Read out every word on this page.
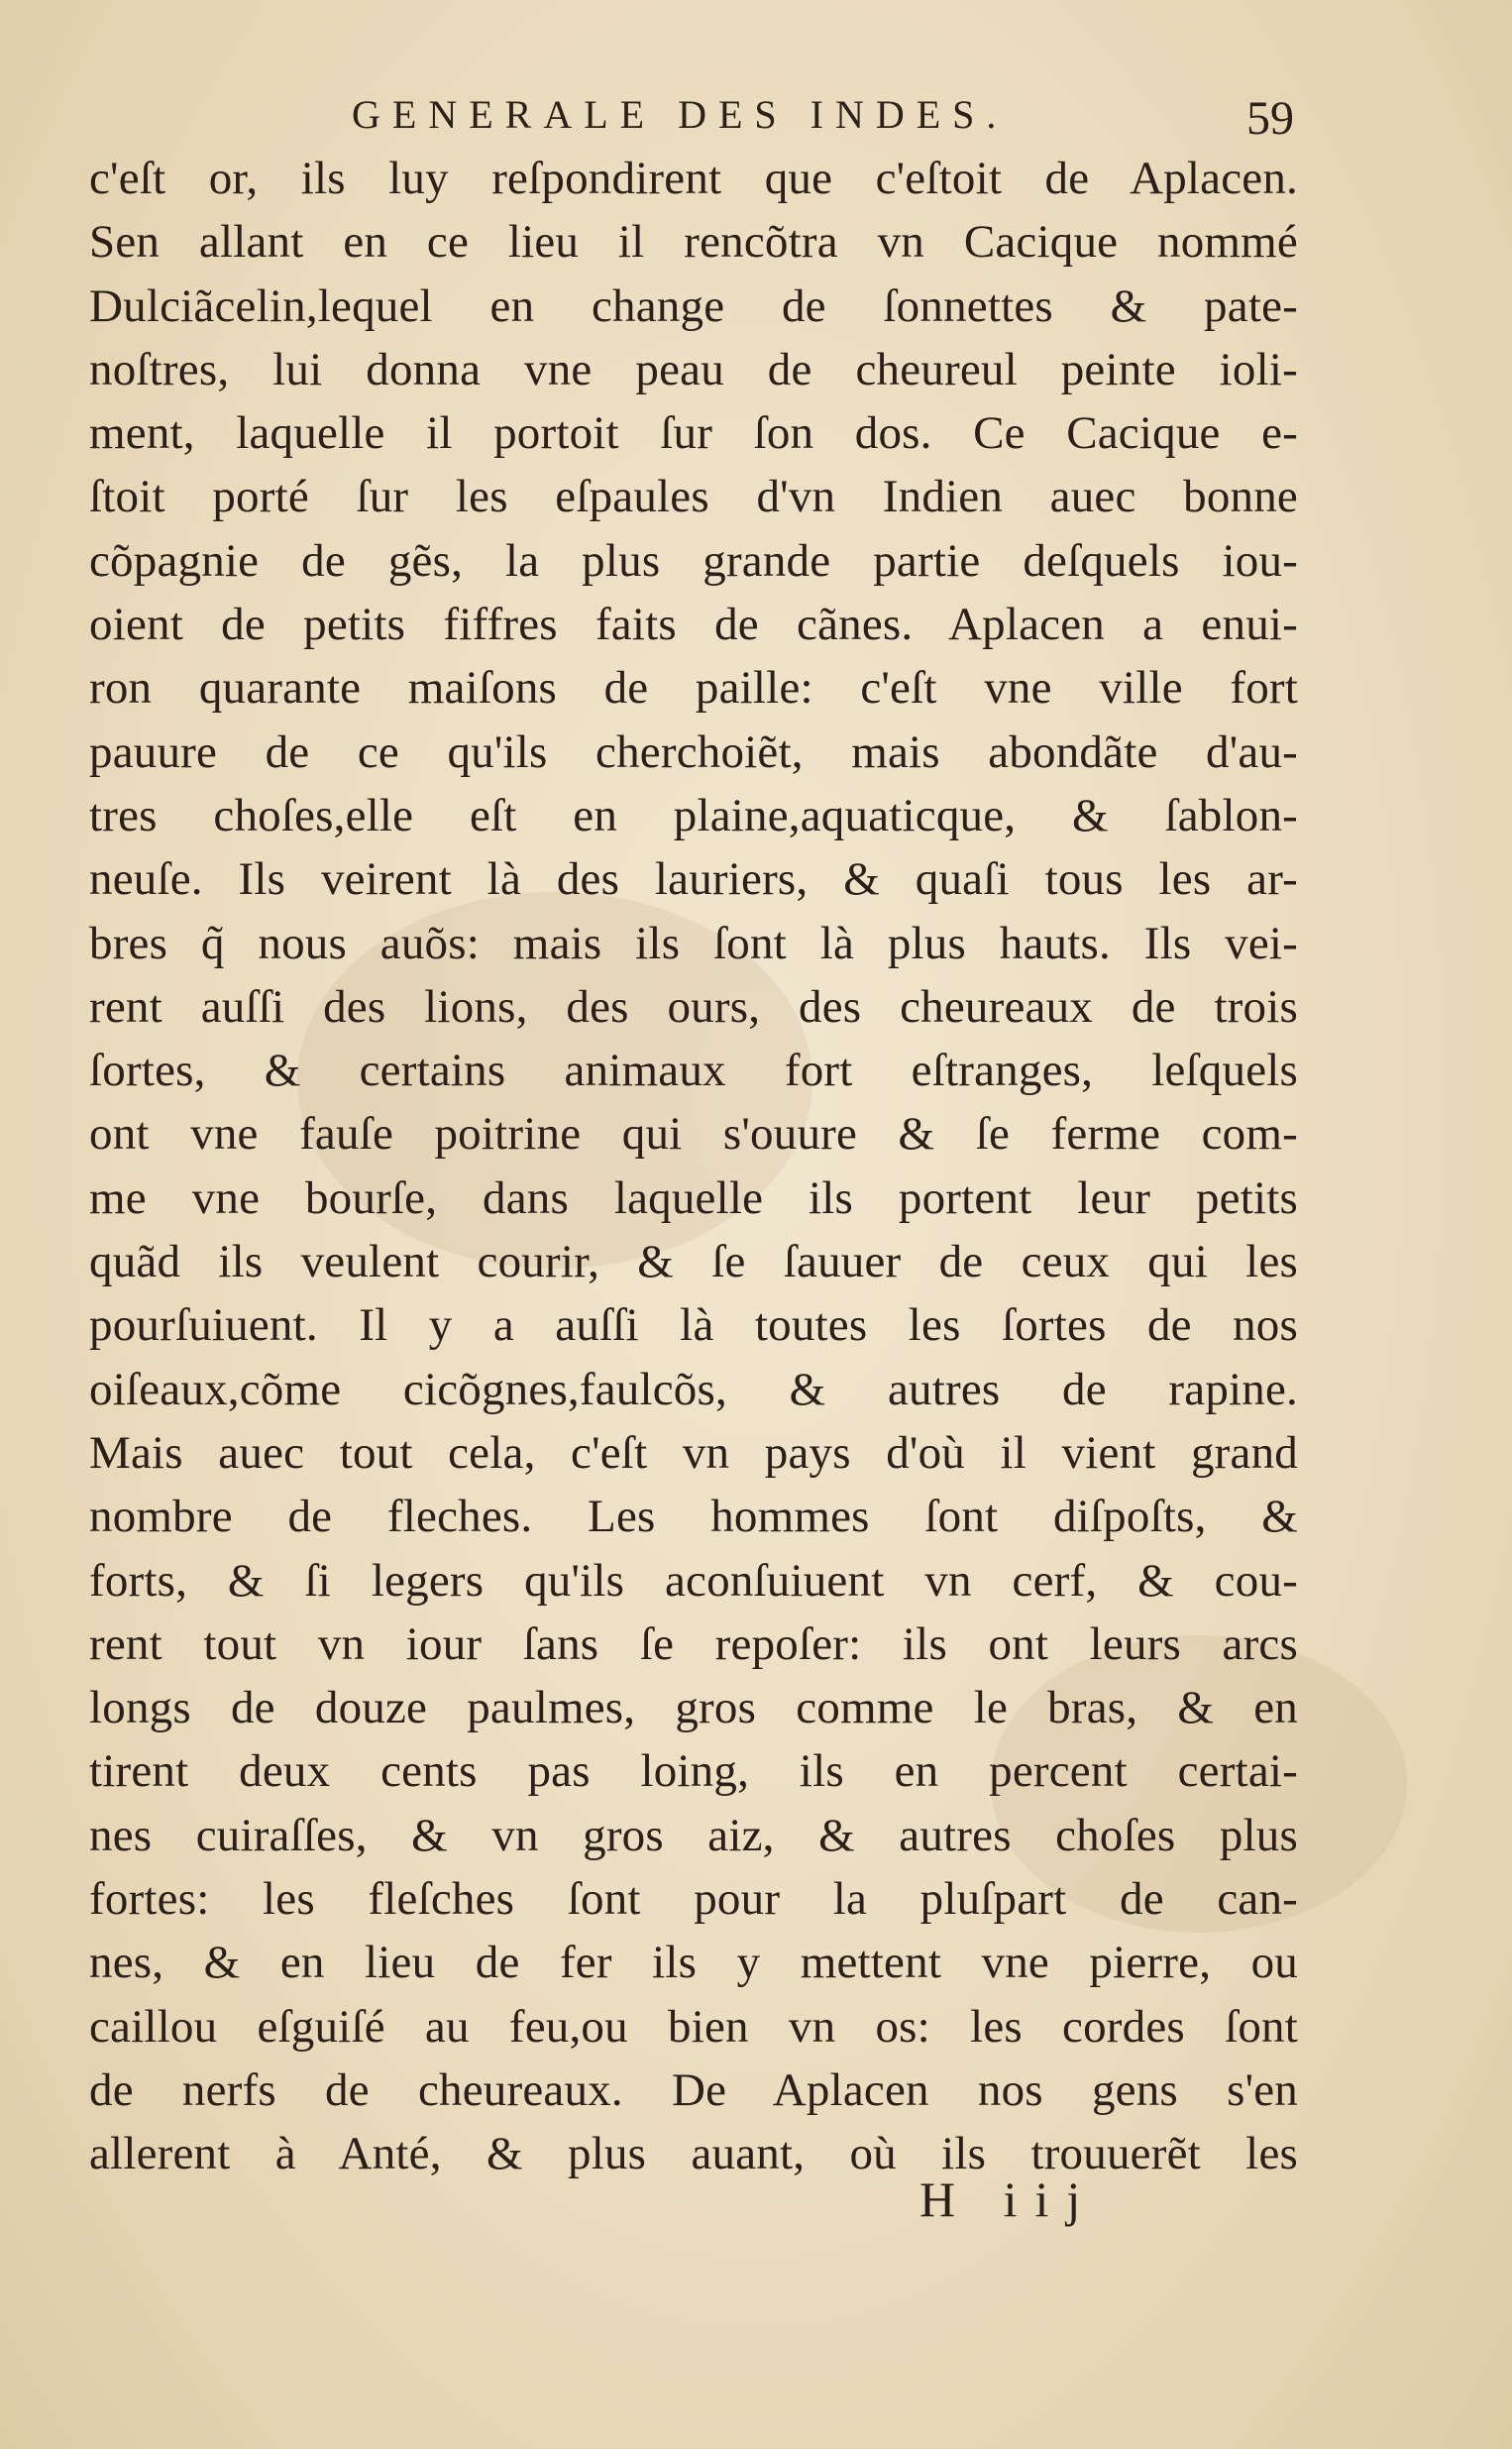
GENERALE DES INDES.	59
c'eſt or, ils luy reſpondirent que c'eſtoit de Aplacen.
Sen allant en ce lieu il rencõtra vn Cacique nommé
Dulciãcelin,lequel en change de ſonnettes & pate-
noſtres, lui donna vne peau de cheureul peinte ioli-
ment, laquelle il portoit ſur ſon dos. Ce Cacique e-
ſtoit porté ſur les eſpaules d'vn Indien auec bonne
cõpagnie de gẽs, la plus grande partie deſquels iou-
oient de petits fiffres faits de cãnes. Aplacen a enui-
ron quarante maiſons de paille: c'eſt vne ville fort
pauure de ce qu'ils cherchoiẽt, mais abondãte d'au-
tres choſes,elle eſt en plaine,aquaticque, & ſablon-
neuſe. Ils veirent là des lauriers, & quaſi tous les ar-
bres q̃ nous auõs: mais ils ſont là plus hauts. Ils vei-
rent auſſi des lions, des ours, des cheureaux de trois
ſortes, & certains animaux fort eſtranges, leſquels
ont vne fauſe poitrine qui s'ouure & ſe ferme com-
me vne bourſe, dans laquelle ils portent leur petits
quãd ils veulent courir, & ſe ſauuer de ceux qui les
pourſuiuent. Il y a auſſi là toutes les ſortes de nos
oiſeaux,cõme cicõgnes,faulcõs, & autres de rapine.
Mais auec tout cela, c'eſt vn pays d'où il vient grand
nombre de fleches. Les hommes ſont diſpoſts, &
forts, & ſi legers qu'ils aconſuiuent vn cerf, & cou-
rent tout vn iour ſans ſe repoſer: ils ont leurs arcs
longs de douze paulmes, gros comme le bras, & en
tirent deux cents pas loing, ils en percent certai-
nes cuiraſſes, & vn gros aiz, & autres choſes plus
fortes: les fleſches ſont pour la pluſpart de can-
nes, & en lieu de fer ils y mettent vne pierre, ou
caillou eſguiſé au feu,ou bien vn os: les cordes ſont
de nerfs de cheureaux. De Aplacen nos gens s'en
allerent à Anté, & plus auant, où ils trouuerẽt les
H iij
